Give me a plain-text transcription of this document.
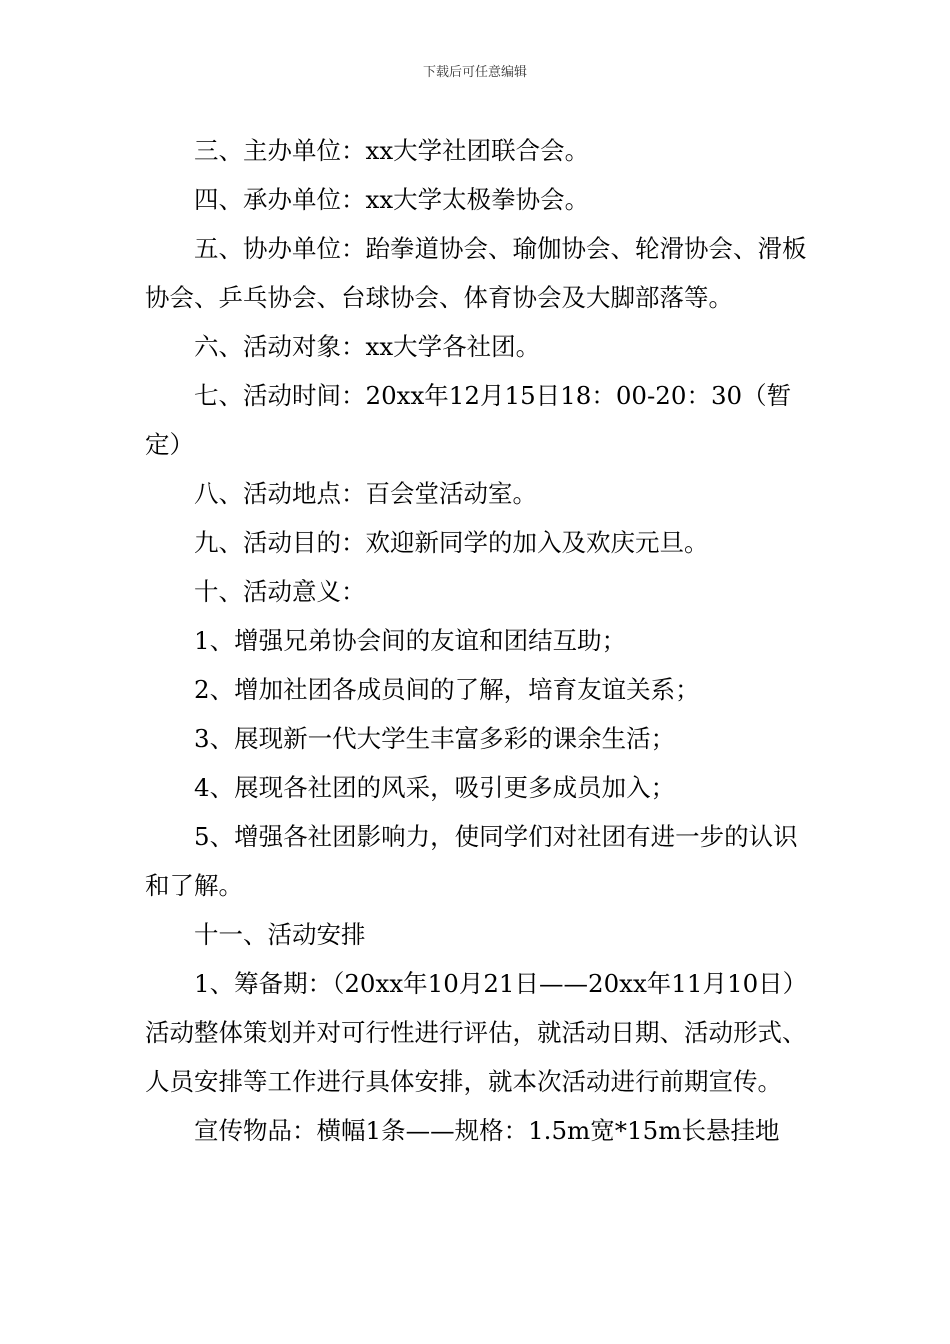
下载后可任意编辑

三、主办单位：xx大学社团联合会。

四、承办单位：xx大学太极拳协会。

五、协办单位：跆拳道协会、瑜伽协会、轮滑协会、滑板协会、乒乓协会、台球协会、体育协会及大脚部落等。

六、活动对象：xx大学各社团。

七、活动时间：20xx年12月15日18：00-20：30（暂定）

八、活动地点：百会堂活动室。

九、活动目的：欢迎新同学的加入及欢庆元旦。

十、活动意义：

1、增强兄弟协会间的友谊和团结互助；

2、增加社团各成员间的了解，培育友谊关系；

3、展现新一代大学生丰富多彩的课余生活；

4、展现各社团的风采，吸引更多成员加入；

5、增强各社团影响力，使同学们对社团有进一步的认识和了解。

十一、活动安排

1、筹备期：（20xx年10月21日——20xx年11月10日）活动整体策划并对可行性进行评估，就活动日期、活动形式、人员安排等工作进行具体安排，就本次活动进行前期宣传。

宣传物品：横幅1条——规格：1.5m宽*15m长悬挂地
